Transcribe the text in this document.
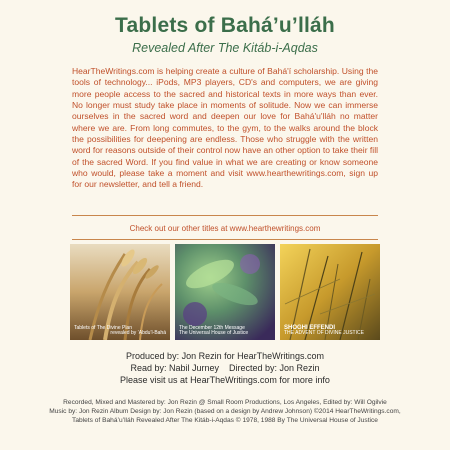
Tablets of Bahá’u’lláh
Revealed After The Kitáb-i-Aqdas
HearTheWritings.com is helping create a culture of Bahá'í scholarship. Using the tools of technology... iPods, MP3 players, CD's and computers, we are giving more people access to the sacred and historical texts in more ways than ever. No longer must study take place in moments of solitude. Now we can immerse ourselves in the sacred word and deepen our love for Bahá'u'lláh no matter where we are. From long commutes, to the gym, to the walks around the block the possibilities for deepening are endless. Those who struggle with the written word for reasons outside of their control now have an other option to take their fill of the sacred Word. If you find value in what we are creating or know someone who would, please take a moment and visit www.hearthewritings.com, sign up for our newsletter, and tell a friend.
Check out our other titles at www.hearthewritings.com
Tablets of The Divine Plan
revealed by ‘Abdu’l-Bahá
The December 12th Message
The Universal House of Justice
SHOGHI EFFENDI
THE ADVENT OF DIVINE JUSTICE
Produced by: Jon Rezin for HearTheWritings.com
Read by: Nabil Jurney    Directed by: Jon Rezin
Please visit us at HearTheWritings.com for more info
Recorded, Mixed and Mastered by: Jon Rezin @ Small Room Productions, Los Angeles, Edited by: Will Ogilvie
Music by: Jon Rezin Album Design by: Jon Rezin (based on a design by Andrew Johnson) ©2014 HearTheWritings.com,
Tablets of Bahá’u’lláh Revealed After The Kitáb-i-Aqdas © 1978, 1988 By The Universal House of Justice
